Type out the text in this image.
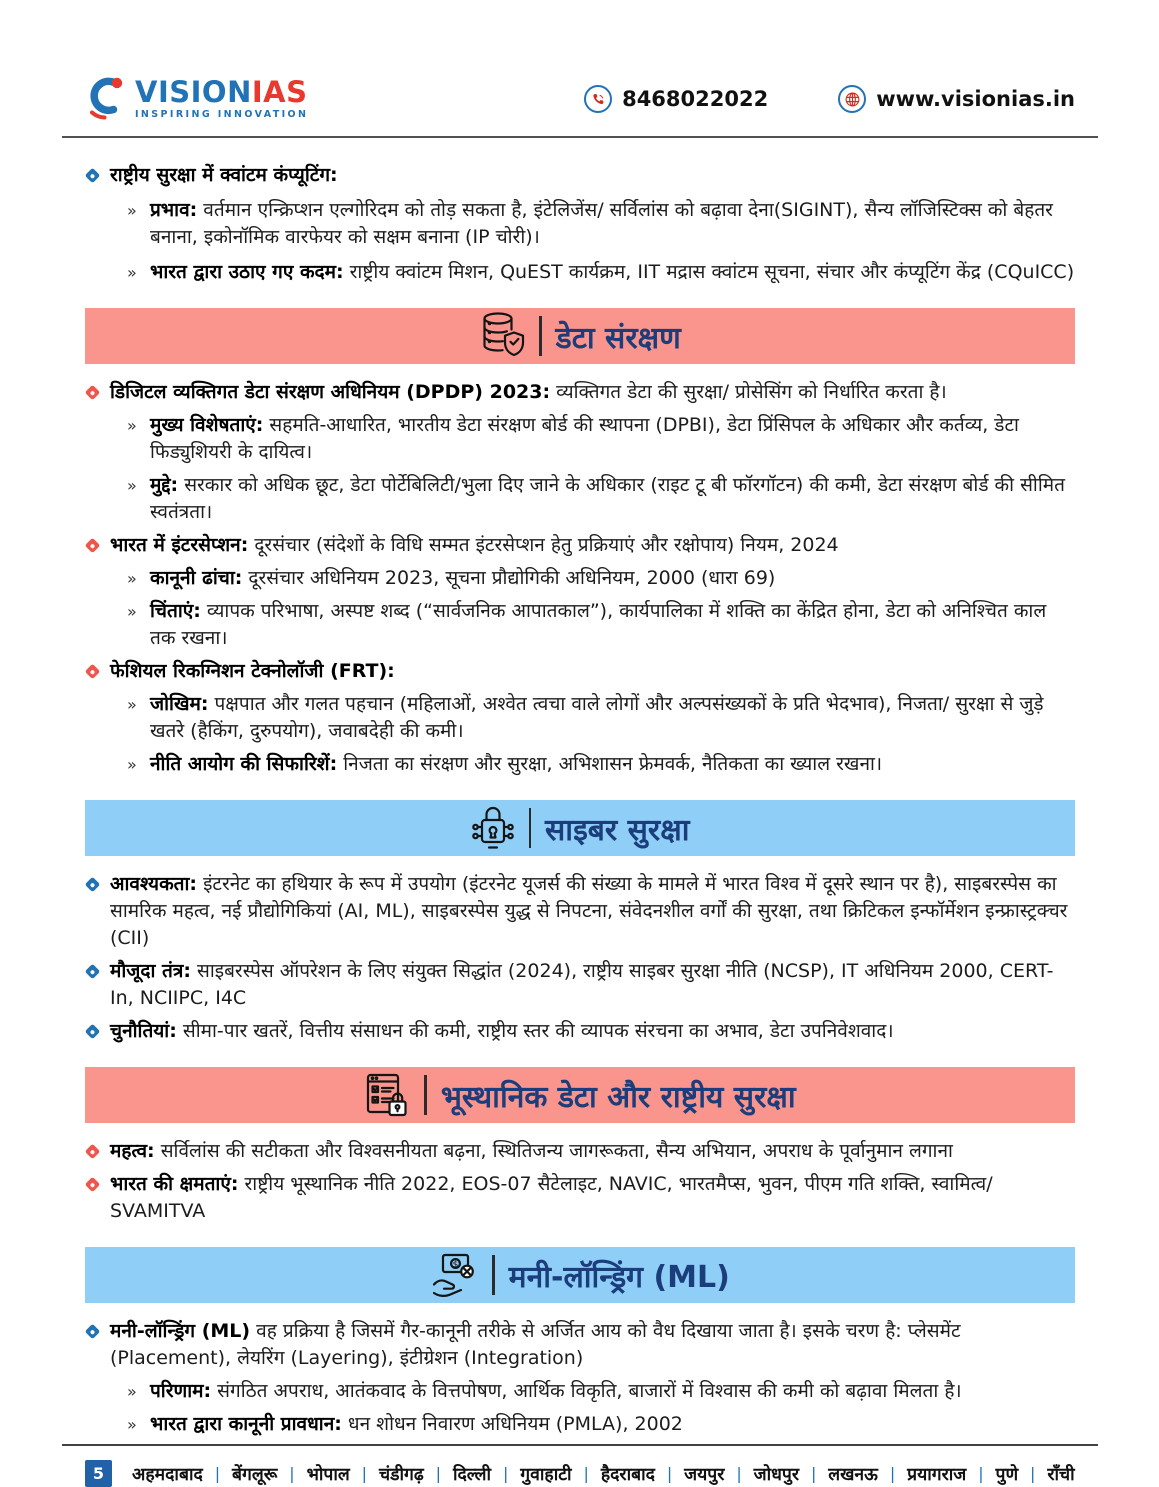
VISIONIAS
INSPIRING INNOVATION
8468022022	www.visionias.in
राष्ट्रीय सुरक्षा में क्वांटम कंप्यूटिंग:
» प्रभाव: वर्तमान एन्क्रिप्शन एल्गोरिदम को तोड़ सकता है, इंटेलिजेंस/ सर्विलांस को बढ़ावा देना(SIGINT), सैन्य लॉजिस्टिक्स को बेहतर बनाना, इकोनॉमिक वारफेयर को सक्षम बनाना (IP चोरी)।
» भारत द्वारा उठाए गए कदम: राष्ट्रीय क्वांटम मिशन, QuEST कार्यक्रम, IIT मद्रास क्वांटम सूचना, संचार और कंप्यूटिंग केंद्र (CQuICC)
डेटा संरक्षण
डिजिटल व्यक्तिगत डेटा संरक्षण अधिनियम (DPDP) 2023: व्यक्तिगत डेटा की सुरक्षा/ प्रोसेसिंग को निर्धारित करता है।
» मुख्य विशेषताएं: सहमति-आधारित, भारतीय डेटा संरक्षण बोर्ड की स्थापना (DPBI), डेटा प्रिंसिपल के अधिकार और कर्तव्य, डेटा फिड्युशियरी के दायित्व।
» मुद्दे: सरकार को अधिक छूट, डेटा पोर्टेबिलिटी/भुला दिए जाने के अधिकार (राइट टू बी फॉरगॉटन) की कमी, डेटा संरक्षण बोर्ड की सीमित स्वतंत्रता।
भारत में इंटरसेप्शन: दूरसंचार (संदेशों के विधि सम्मत इंटरसेप्शन हेतु प्रक्रियाएं और रक्षोपाय) नियम, 2024
» कानूनी ढांचा: दूरसंचार अधिनियम 2023, सूचना प्रौद्योगिकी अधिनियम, 2000 (धारा 69)
» चिंताएं: व्यापक परिभाषा, अस्पष्ट शब्द (“सार्वजनिक आपातकाल”), कार्यपालिका में शक्ति का केंद्रित होना, डेटा को अनिश्चित काल तक रखना।
फेशियल रिकग्निशन टेक्नोलॉजी (FRT):
» जोखिम: पक्षपात और गलत पहचान (महिलाओं, अश्वेत त्वचा वाले लोगों और अल्पसंख्यकों के प्रति भेदभाव), निजता/ सुरक्षा से जुड़े खतरे (हैकिंग, दुरुपयोग), जवाबदेही की कमी।
» नीति आयोग की सिफारिशें: निजता का संरक्षण और सुरक्षा, अभिशासन फ्रेमवर्क, नैतिकता का ख्याल रखना।
साइबर सुरक्षा
आवश्यकता: इंटरनेट का हथियार के रूप में उपयोग (इंटरनेट यूजर्स की संख्या के मामले में भारत विश्व में दूसरे स्थान पर है), साइबरस्पेस का सामरिक महत्व, नई प्रौद्योगिकियां (AI, ML), साइबरस्पेस युद्ध से निपटना, संवेदनशील वर्गों की सुरक्षा, तथा क्रिटिकल इन्फॉर्मेशन इन्फ्रास्ट्रक्चर (CII)
मौजूदा तंत्र: साइबरस्पेस ऑपरेशन के लिए संयुक्त सिद्धांत (2024), राष्ट्रीय साइबर सुरक्षा नीति (NCSP), IT अधिनियम 2000, CERT-In, NCIIPC, I4C
चुनौतियां: सीमा-पार खतरें, वित्तीय संसाधन की कमी, राष्ट्रीय स्तर की व्यापक संरचना का अभाव, डेटा उपनिवेशवाद।
भूस्थानिक डेटा और राष्ट्रीय सुरक्षा
महत्व: सर्विलांस की सटीकता और विश्वसनीयता बढ़ना, स्थितिजन्य जागरूकता, सैन्य अभियान, अपराध के पूर्वानुमान लगाना
भारत की क्षमताएं: राष्ट्रीय भूस्थानिक नीति 2022, EOS-07 सैटेलाइट, NAVIC, भारतमैप्स, भुवन, पीएम गति शक्ति, स्वामित्व/ SVAMITVA
$ मनी-लॉन्ड्रिंग (ML)
मनी-लॉन्ड्रिंग (ML) वह प्रक्रिया है जिसमें गैर-कानूनी तरीके से अर्जित आय को वैध दिखाया जाता है। इसके चरण है: प्लेसमेंट (Placement), लेयरिंग (Layering), इंटीग्रेशन (Integration)
» परिणाम: संगठित अपराध, आतंकवाद के वित्तपोषण, आर्थिक विकृति, बाजारों में विश्वास की कमी को बढ़ावा मिलता है।
» भारत द्वारा कानूनी प्रावधान: धन शोधन निवारण अधिनियम (PMLA), 2002
5	अहमदाबाद | बेंगलूरू | भोपाल | चंडीगढ़ | दिल्ली | गुवाहाटी | हैदराबाद | जयपुर | जोधपुर | लखनऊ | प्रयागराज | पुणे | राँची
